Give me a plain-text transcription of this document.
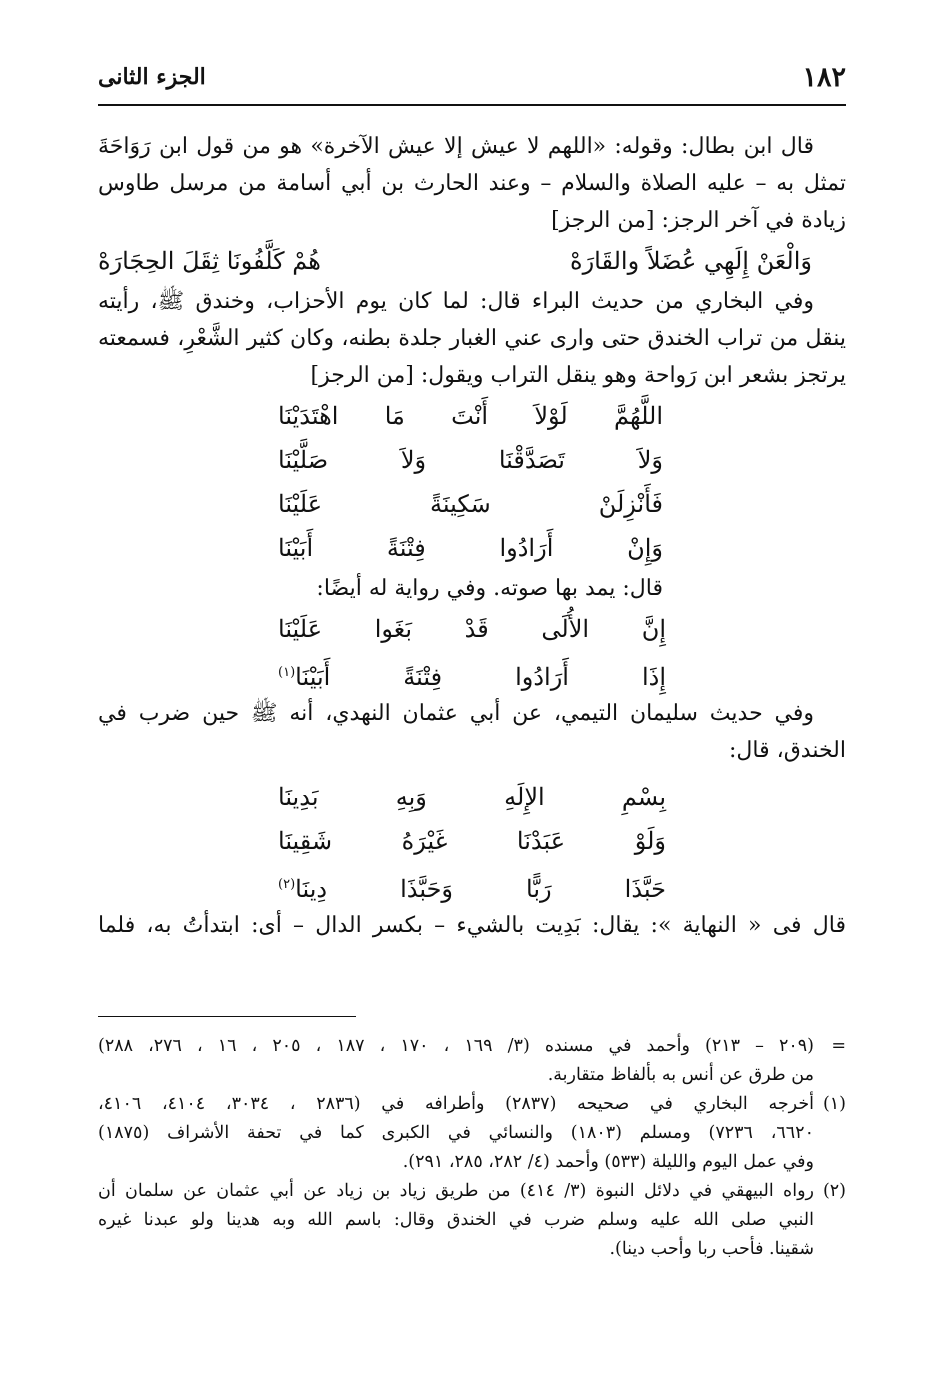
١٨٢
الجزء الثانى
قال ابن بطال: وقوله: «اللهم لا عيش إلا عيش الآخرة» هو من قول ابن رَوَاحَةَ
تمثل به – عليه الصلاة والسلام – وعند الحارث بن أبي أسامة من مرسل طاوس
زيادة في آخر الرجز: [من الرجز]
وَالْعَنْ إِلَهِي عُضَلاً والقَارَهْ
هُمْ كَلَّفُونَا ثِقَلَ الحِجَارَهْ
وفي البخاري من حديث البراء قال: لما كان يوم الأحزاب، وخندق ﷺ، رأيته
ينقل من تراب الخندق حتى وارى عني الغبار جلدة بطنه، وكان كثير الشَّعْرِ، فسمعته
يرتجز بشعر ابن رَواحة وهو ينقل التراب ويقول: [من الرجز]
اللَّهُمَّ لَوْلاَ أَنْتَ مَا اهْتَدَيْنَا
وَلاَ تَصَدَّقْنَا وَلاَ صَلَّيْنَا
فَأَنْزِلَنْ سَكِينَةً عَلَيْنَا
وَإِنْ أَرَادُوا فِتْنَةً أَبَيْنَا
قال: يمد بها صوته. وفي رواية له أيضًا:
إِنَّ الأُلَى قَدْ بَغَوا عَلَيْنَا
إِذَا أَرَادُوا فِتْنَةً أَبَيْنَا$^{(١)}$
وفي حديث سليمان التيمي، عن أبي عثمان النهدي، أنه ﷺ حين ضرب في
الخندق، قال:
بِسْمِ الإِلَهِ وَبِهِ بَدِينَا
وَلَوْ عَبَدْنَا غَيْرَهُ شَقِينَا
حَبَّذَا رَبًّا وَحَبَّذَا دِينَا$^{(٢)}$
قال فى « النهاية »: يقال: بَدِيت بالشيء – بكسر الدال – أى: ابتدأتُ به، فلما
=
(٢٠٩ – ٢١٣) وأحمد في مسنده (٣/ ١٦٩ ، ١٧٠ ، ١٨٧ ، ٢٠٥ ، ١٦ ، ٢٧٦، ٢٨٨)
من طرق عن أنس به بألفاظ متقاربة.
(١)
أخرجه البخاري في صحيحه (٢٨٣٧) وأطرافه في (٢٨٣٦ ، ٣٠٣٤، ٤١٠٤، ٤١٠٦،
٦٦٢٠، ٧٢٣٦) ومسلم (١٨٠٣) والنسائي في الكبرى كما في تحفة الأشراف (١٨٧٥)
وفي عمل اليوم والليلة (٥٣٣) وأحمد (٤/ ٢٨٢، ٢٨٥، ٢٩١).
(٢)
رواه البيهقي في دلائل النبوة (٣/ ٤١٤) من طريق زياد بن زياد عن أبي عثمان عن سلمان أن
النبي صلى الله عليه وسلم ضرب في الخندق وقال: باسم الله وبه هدينا ولو عبدنا غيره
شقينا. فأحب ربا وأحب دينا).
